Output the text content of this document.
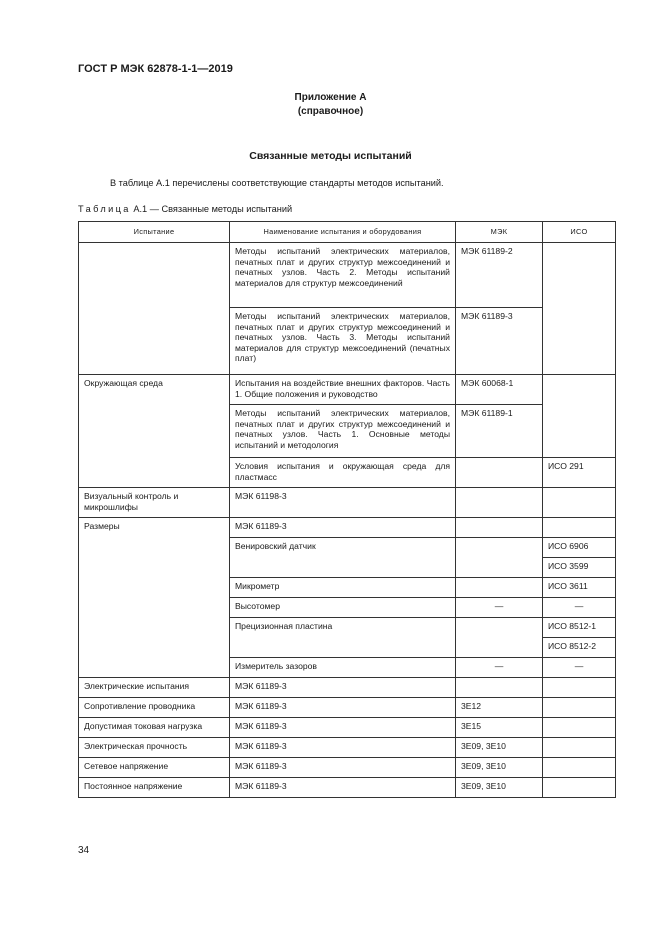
ГОСТ Р МЭК 62878-1-1—2019
Приложение А
(справочное)
Связанные методы испытаний
В таблице А.1 перечислены соответствующие стандарты методов испытаний.
Таблица А.1 — Связанные методы испытаний
Испытание	Наименование испытания и оборудования	МЭК	ИСО
	Методы испытаний электрических материалов, печатных плат и других структур межсоединений и печатных узлов. Часть 2. Методы испытаний материалов для структур межсоединений	МЭК 61189-2	
	Методы испытаний электрических материалов, печатных плат и других структур межсоединений и печатных узлов. Часть 3. Методы испытаний материалов для структур межсоединений (печатных плат)	МЭК 61189-3	
Окружающая среда	Испытания на воздействие внешних факторов. Часть 1. Общие положения и руководство	МЭК 60068-1	
	Методы испытаний электрических материалов, печатных плат и других структур межсоединений и печатных узлов. Часть 1. Основные методы испытаний и методология	МЭК 61189-1	
	Условия испытания и окружающая среда для пластмасс		ИСО 291
Визуальный контроль и микрошлифы	МЭК 61198-3		
Размеры	МЭК 61189-3		
	Венировский датчик		ИСО 6906
			ИСО 3599
	Микрометр		ИСО 3611
	Высотомер	—	—
	Прецизионная пластина		ИСО 8512-1
			ИСО 8512-2
	Измеритель зазоров	—	—
Электрические испытания	МЭК 61189-3		
Сопротивление проводника	МЭК 61189-3	3E12	
Допустимая токовая нагрузка	МЭК 61189-3	3E15	
Электрическая прочность	МЭК 61189-3	3E09, 3E10	
Сетевое напряжение	МЭК 61189-3	3E09, 3E10	
Постоянное напряжение	МЭК 61189-3	3E09, 3E10	
34
